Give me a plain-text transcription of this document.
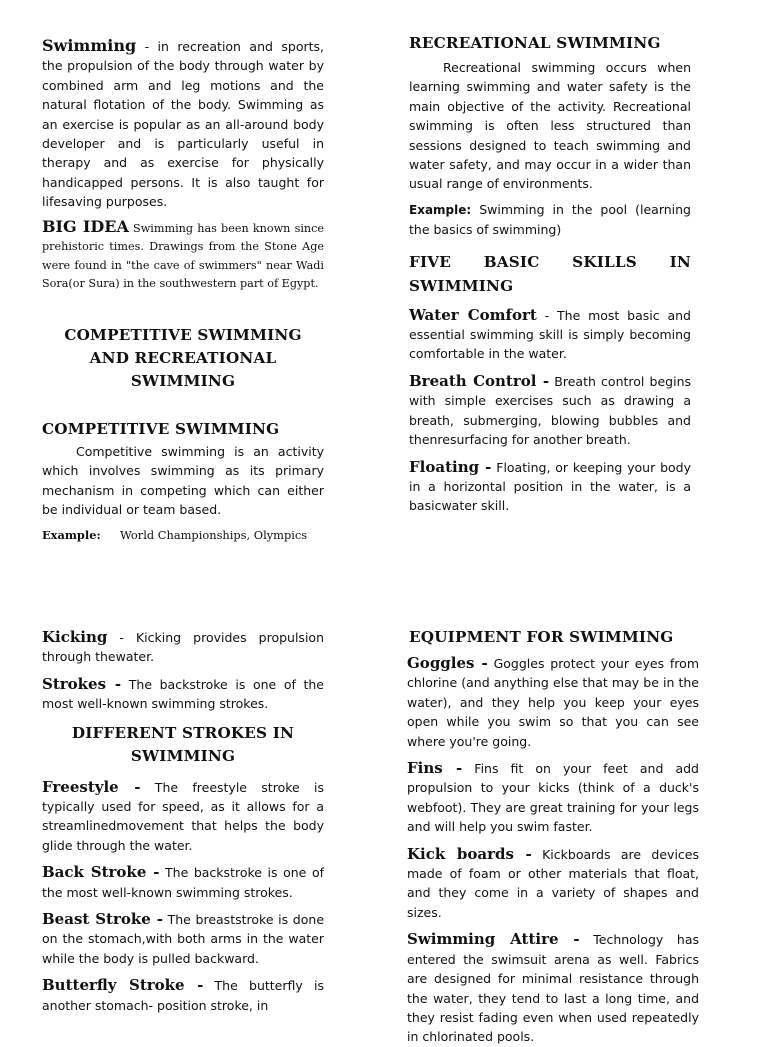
Swimming - in recreation and sports, the propulsion of the body through water by combined arm and leg motions and the natural flotation of the body. Swimming as an exercise is popular as an all-around body developer and is particularly useful in therapy and as exercise for physically handicapped persons. It is also taught for lifesaving purposes.

BIG IDEA Swimming has been known since prehistoric times. Drawings from the Stone Age were found in "the cave of swimmers" near Wadi Sora(or Sura) in the southwestern part of Egypt.

COMPETITIVE SWIMMING AND RECREATIONAL SWIMMING
COMPETITIVE SWIMMING

Competitive swimming is an activity which involves swimming as its primary mechanism in competing which can either be individual or team based.

Example: World Championships, Olympics
RECREATIONAL SWIMMING

Recreational swimming occurs when learning swimming and water safety is the main objective of the activity. Recreational swimming is often less structured than sessions designed to teach swimming and water safety, and may occur in a wider than usual range of environments.

Example: Swimming in the pool (learning the basics of swimming)

FIVE BASIC SKILLS IN SWIMMING

Water Comfort - The most basic and essential swimming skill is simply becoming comfortable in the water.

Breath Control - Breath control begins with simple exercises such as drawing a breath, submerging, blowing bubbles and thenresurfacing for another breath.

Floating - Floating, or keeping your body in a horizontal position in the water, is a basicwater skill.

Kicking - Kicking provides propulsion through thewater.

Strokes - The backstroke is one of the most well-known swimming strokes.

DIFFERENT STROKES IN SWIMMING

Freestyle - The freestyle stroke is typically used for speed, as it allows for a streamlinedmovement that helps the body glide through the water.

Back Stroke - The backstroke is one of the most well-known swimming strokes.

Beast Stroke - The breaststroke is done on the stomach,with both arms in the water while the body is pulled backward.

Butterfly Stroke - The butterfly is another stomach- position stroke, in

EQUIPMENT FOR SWIMMING

Goggles - Goggles protect your eyes from chlorine (and anything else that may be in the water), and they help you keep your eyes open while you swim so that you can see where you're going.

Fins - Fins fit on your feet and add propulsion to your kicks (think of a duck's webfoot). They are great training for your legs and will help you swim faster.

Kick boards - Kickboards are devices made of foam or other materials that float, and they come in a variety of shapes and sizes.

Swimming Attire - Technology has entered the swimsuit arena as well. Fabrics are designed for minimal resistance through the water, they tend to last a long time, and they resist fading even when used repeatedly in chlorinated pools.
